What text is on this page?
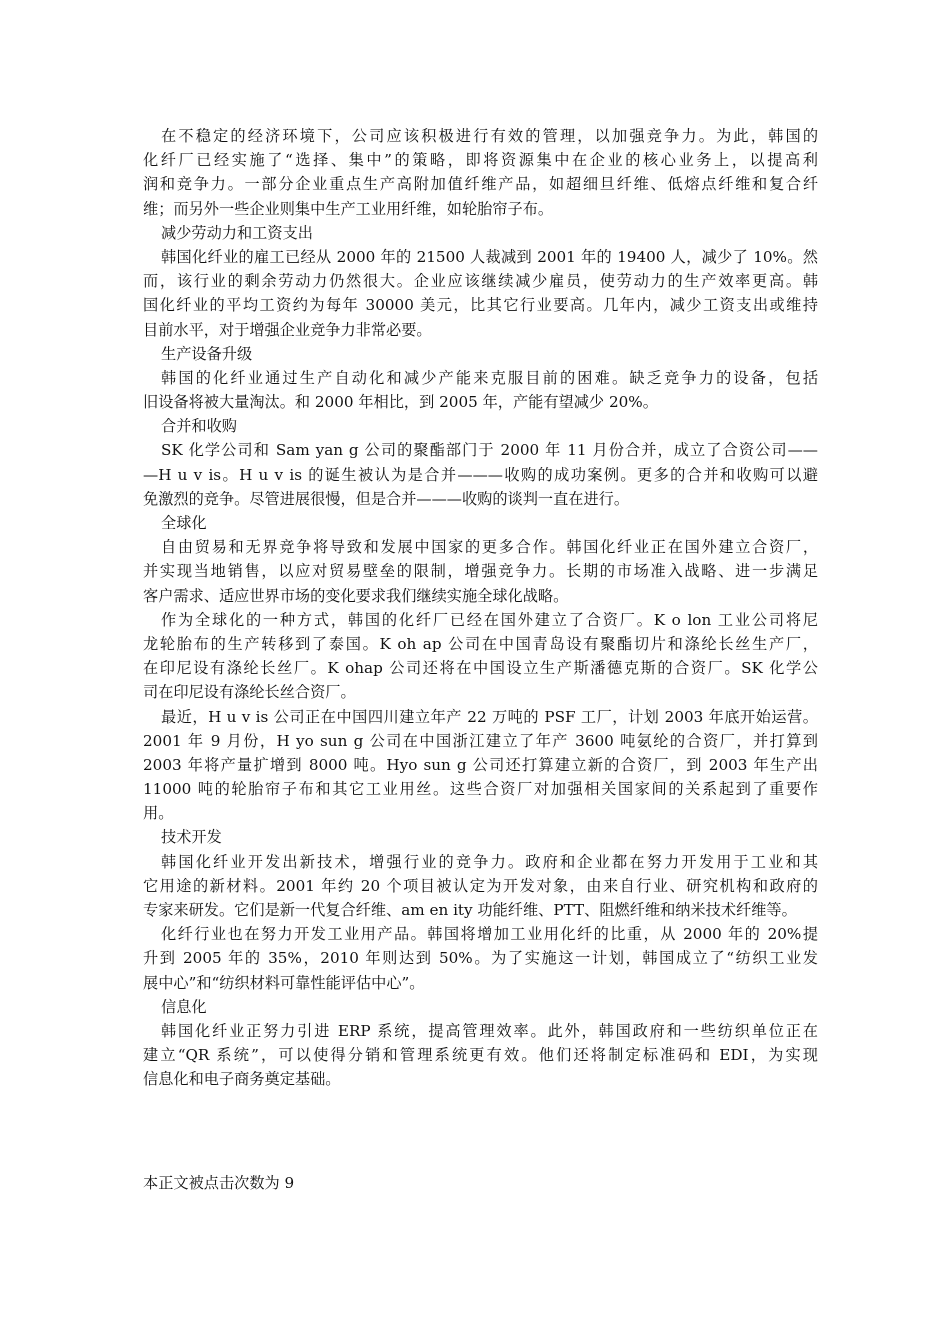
在不稳定的经济环境下，公司应该积极进行有效的管理，以加强竞争力。为此，韩国的
化纤厂已经实施了“选择、集中”的策略，即将资源集中在企业的核心业务上，以提高利
润和竞争力。一部分企业重点生产高附加值纤维产品，如超细旦纤维、低熔点纤维和复合纤
维；而另外一些企业则集中生产工业用纤维，如轮胎帘子布。
减少劳动力和工资支出
韩国化纤业的雇工已经从 2000 年的 21500 人裁减到 2001 年的 19400 人，减少了 10%。然
而，该行业的剩余劳动力仍然很大。企业应该继续减少雇员，使劳动力的生产效率更高。韩
国化纤业的平均工资约为每年 30000 美元，比其它行业要高。几年内，减少工资支出或维持
目前水平，对于增强企业竞争力非常必要。
生产设备升级
韩国的化纤业通过生产自动化和减少产能来克服目前的困难。缺乏竞争力的设备，包括
旧设备将被大量淘汰。和 2000 年相比，到 2005 年，产能有望减少 20%。
合并和收购
SK 化学公司和 Sam yan g 公司的聚酯部门于 2000 年 11 月份合并，成立了合资公司——
—H u v is。H u v is 的诞生被认为是合并———收购的成功案例。更多的合并和收购可以避
免激烈的竞争。尽管进展很慢，但是合并———收购的谈判一直在进行。
全球化
自由贸易和无界竞争将导致和发展中国家的更多合作。韩国化纤业正在国外建立合资厂，
并实现当地销售，以应对贸易壁垒的限制，增强竞争力。长期的市场准入战略、进一步满足
客户需求、适应世界市场的变化要求我们继续实施全球化战略。
作为全球化的一种方式，韩国的化纤厂已经在国外建立了合资厂。K o lon 工业公司将尼
龙轮胎布的生产转移到了泰国。K oh ap 公司在中国青岛设有聚酯切片和涤纶长丝生产厂，
在印尼设有涤纶长丝厂。K ohap 公司还将在中国设立生产斯潘德克斯的合资厂。SK 化学公
司在印尼设有涤纶长丝合资厂。
最近，H u v is 公司正在中国四川建立年产 22 万吨的 PSF 工厂，计划 2003 年底开始运营。
2001 年 9 月份，H yo sun g 公司在中国浙江建立了年产 3600 吨氨纶的合资厂，并打算到
2003 年将产量扩增到 8000 吨。Hyo sun g 公司还打算建立新的合资厂，到 2003 年生产出
11000 吨的轮胎帘子布和其它工业用丝。这些合资厂对加强相关国家间的关系起到了重要作
用。
技术开发
韩国化纤业开发出新技术，增强行业的竞争力。政府和企业都在努力开发用于工业和其
它用途的新材料。2001 年约 20 个项目被认定为开发对象，由来自行业、研究机构和政府的
专家来研发。它们是新一代复合纤维、am en ity 功能纤维、PTT、阻燃纤维和纳米技术纤维等。
化纤行业也在努力开发工业用产品。韩国将增加工业用化纤的比重，从 2000 年的 20%提
升到 2005 年的 35%，2010 年则达到 50%。为了实施这一计划，韩国成立了“纺织工业发
展中心”和“纺织材料可靠性能评估中心”。
信息化
韩国化纤业正努力引进 ERP 系统，提高管理效率。此外，韩国政府和一些纺织单位正在
建立“QR 系统”，可以使得分销和管理系统更有效。他们还将制定标准码和 EDI，为实现
信息化和电子商务奠定基础。
本正文被点击次数为 9
